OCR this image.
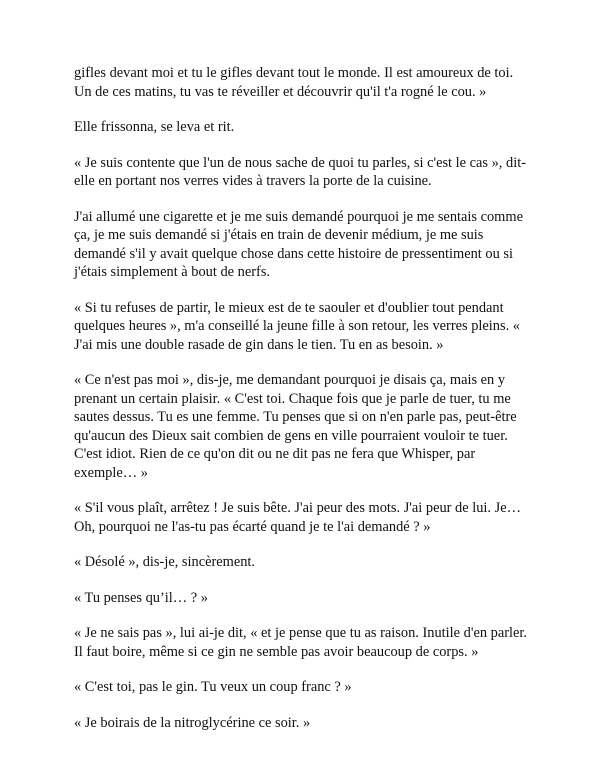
gifles devant moi et tu le gifles devant tout le monde. Il est amoureux de toi. Un de ces matins, tu vas te réveiller et découvrir qu'il t'a rogné le cou. »

Elle frissonna, se leva et rit.

« Je suis contente que l'un de nous sache de quoi tu parles, si c'est le cas », dit-elle en portant nos verres vides à travers la porte de la cuisine.

J'ai allumé une cigarette et je me suis demandé pourquoi je me sentais comme ça, je me suis demandé si j'étais en train de devenir médium, je me suis demandé s'il y avait quelque chose dans cette histoire de pressentiment ou si j'étais simplement à bout de nerfs.

« Si tu refuses de partir, le mieux est de te saouler et d'oublier tout pendant quelques heures », m'a conseillé la jeune fille à son retour, les verres pleins. « J'ai mis une double rasade de gin dans le tien. Tu en as besoin. »

« Ce n'est pas moi », dis-je, me demandant pourquoi je disais ça, mais en y prenant un certain plaisir. « C'est toi. Chaque fois que je parle de tuer, tu me sautes dessus. Tu es une femme. Tu penses que si on n'en parle pas, peut-être qu'aucun des Dieux sait combien de gens en ville pourraient vouloir te tuer. C'est idiot. Rien de ce qu'on dit ou ne dit pas ne fera que Whisper, par exemple… »

« S'il vous plaît, arrêtez ! Je suis bête. J'ai peur des mots. J'ai peur de lui. Je… Oh, pourquoi ne l'as-tu pas écarté quand je te l'ai demandé ? »

« Désolé », dis-je, sincèrement.

« Tu penses qu’il… ? »

« Je ne sais pas », lui ai-je dit, « et je pense que tu as raison. Inutile d'en parler. Il faut boire, même si ce gin ne semble pas avoir beaucoup de corps. »

« C'est toi, pas le gin. Tu veux un coup franc ? »

« Je boirais de la nitroglycérine ce soir. »
